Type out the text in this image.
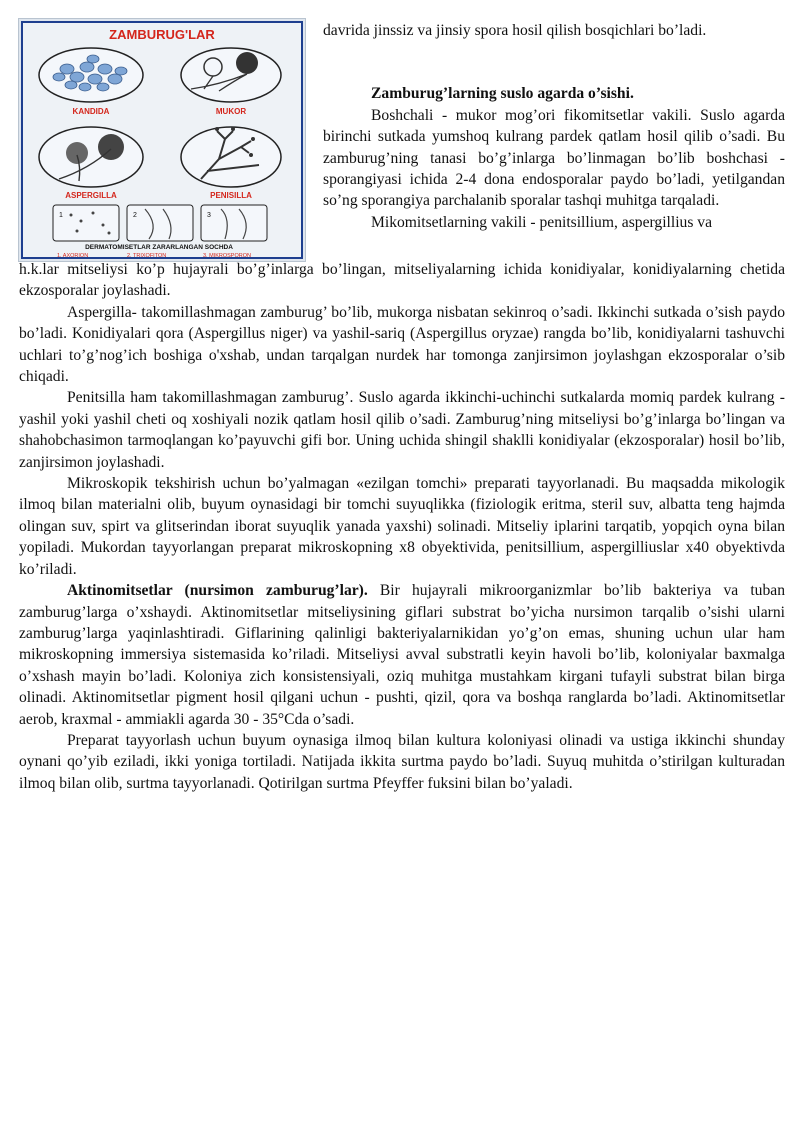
ZAMBURUG'LAR
KANDIDA	MUKOR
ASPERGILLA	PENISILLA
1	2	3
DERMATOMISETLAR ZARARLANGAN SOCHDA
1. AXORION	2. TRIXOFITON	3. MIKROSPORON

davrida jinssiz va jinsiy spora hosil qilish bosqichlari bo’ladi.

Zamburug’larning suslo agarda o’sishi.

Boshchali - mukor mog’ori fikomitsetlar vakili. Suslo agarda birinchi sutkada yumshoq kulrang pardek qatlam hosil qilib o’sadi. Bu zamburug’ning tanasi bo’g’inlarga bo’linmagan bo’lib boshchasi -sporangiyasi ichida 2-4 dona endosporalar paydo bo’ladi, yetilgandan so’ng sporangiya parchalanib sporalar tashqi muhitga tarqaladi.

Mikomitsetlarning vakili - penitsillium, aspergillius va

h.k.lar mitseliysi ko’p hujayrali bo’g’inlarga bo’lingan, mitseliyalarning ichida konidiyalar, konidiyalarning chetida ekzosporalar joylashadi.

Aspergilla- takomillashmagan zamburug’ bo’lib, mukorga nisbatan sekinroq o’sadi. Ikkinchi sutkada o’sish paydo bo’ladi. Konidiyalari qora (Aspergillus niger) va yashil-sariq (Aspergillus oryzae) rangda bo’lib, konidiyalarni tashuvchi uchlari to’g’nog’ich boshiga o'xshab, undan tarqalgan nurdek har tomonga zanjirsimon joylashgan ekzosporalar o’sib chiqadi.

Penitsilla ham takomillashmagan zamburug’. Suslo agarda ikkinchi-uchinchi sutkalarda momiq pardek kulrang - yashil yoki yashil cheti oq xoshiyali nozik qatlam hosil qilib o’sadi. Zamburug’ning mitseliysi bo’g’inlarga bo’lingan va shahobchasimon tarmoqlangan ko’payuvchi gifi bor. Uning uchida shingil shaklli konidiyalar (ekzosporalar) hosil bo’lib, zanjirsimon joylashadi.

Mikroskopik tekshirish uchun bo’yalmagan «ezilgan tomchi» preparati tayyorlanadi. Bu maqsadda mikologik ilmoq bilan materialni olib, buyum oynasidagi bir tomchi suyuqlikka (fiziologik eritma, steril suv, albatta teng hajmda olingan suv, spirt va glitserindan iborat suyuqlik yanada yaxshi) solinadi. Mitseliy iplarini tarqatib, yopqich oyna bilan yopiladi. Mukordan tayyorlangan preparat mikroskopning x8 obyektivida, penitsillium, aspergilliuslar x40 obyektivda ko’riladi.

Aktinomitsetlar (nursimon zamburug’lar). Bir hujayrali mikroorganizmlar bo’lib bakteriya va tuban zamburug’larga o’xshaydi. Aktinomitsetlar mitseliysining giflari substrat bo’yicha nursimon tarqalib o’sishi ularni zamburug’larga yaqinlashtiradi. Giflarining qalinligi bakteriyalarnikidan yo’g’on emas, shuning uchun ular ham mikroskopning immersiya sistemasida ko’riladi. Mitseliysi avval substratli keyin havoli bo’lib, koloniyalar baxmalga o’xshash mayin bo’ladi. Koloniya zich konsistensiyali, oziq muhitga mustahkam kirgani tufayli substrat bilan birga olinadi. Aktinomitsetlar pigment hosil qilgani uchun - pushti, qizil, qora va boshqa ranglarda bo’ladi. Aktinomitsetlar aerob, kraxmal - ammiakli agarda 30 - 35°Cda o’sadi.

Preparat tayyorlash uchun buyum oynasiga ilmoq bilan kultura koloniyasi olinadi va ustiga ikkinchi shunday oynani qo’yib eziladi, ikki yoniga tortiladi. Natijada ikkita surtma paydo bo’ladi. Suyuq muhitda o’stirilgan kulturadan ilmoq bilan olib, surtma tayyorlanadi. Qotirilgan surtma Pfeyffer fuksini bilan bo’yaladi.
